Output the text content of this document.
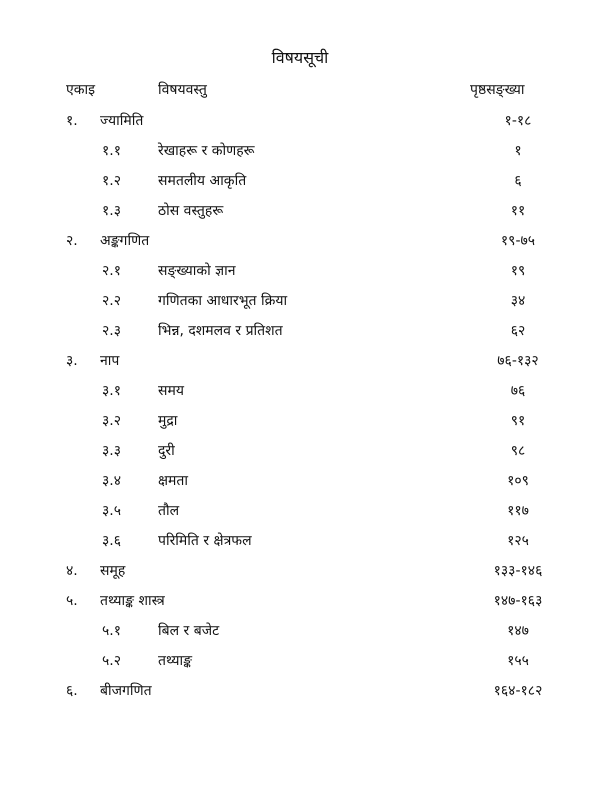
विषयसूची
एकाइ	विषयवस्तु	पृष्ठसङ्ख्या
१. ज्यामिति	१-१८
१.१	रेखाहरू र कोणहरू	१
१.२	समतलीय आकृति	६
१.३	ठोस वस्तुहरू	११
२. अङ्कगणित	१९-७५
२.१	सङ्ख्याको ज्ञान	१९
२.२	गणितका आधारभूत क्रिया	३४
२.३	भिन्न, दशमलव र प्रतिशत	६२
३. नाप	७६-१३२
३.१	समय	७६
३.२	मुद्रा	९१
३.३	दुरी	९८
३.४	क्षमता	१०९
३.५	तौल	११७
३.६	परिमिति र क्षेत्रफल	१२५
४. समूह	१३३-१४६
५. तथ्याङ्क शास्त्र	१४७-१६३
५.१	बिल र बजेट	१४७
५.२	तथ्याङ्क	१५५
६. बीजगणित	१६४-१८२
